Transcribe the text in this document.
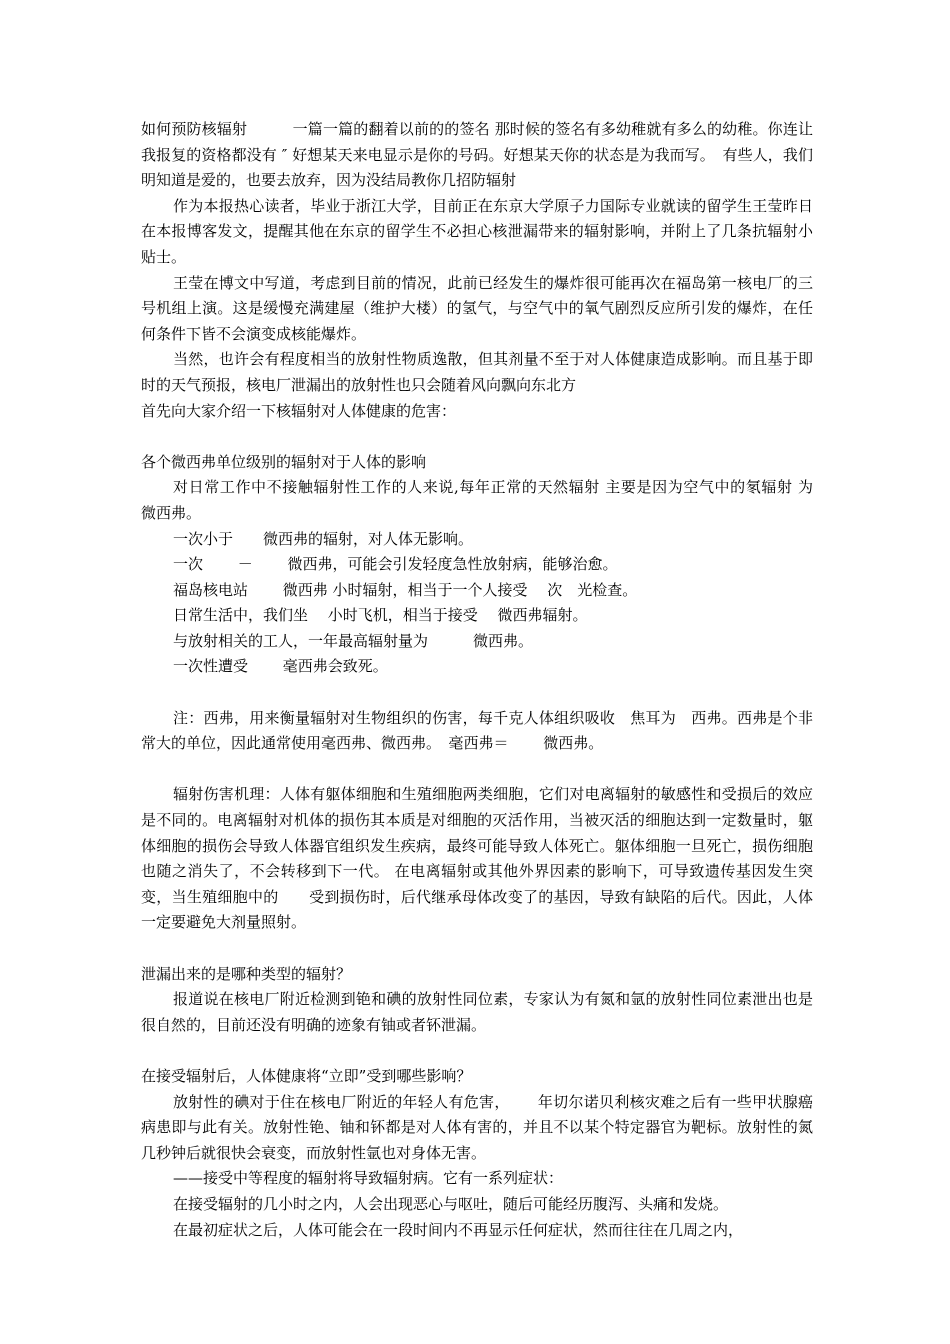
如何预防核辐射　　　一篇一篇的翻着以前的的签名 那时候的签名有多幼稚就有多么的幼稚。你连让我报复的资格都没有 ″ 好想某天来电显示是你的号码。好想某天你的状态是为我而写。　有些人，我们明知道是爱的，也要去放弃，因为没结局教你几招防辐射

作为本报热心读者，毕业于浙江大学，目前正在东京大学原子力国际专业就读的留学生王莹昨日在本报博客发文，提醒其他在东京的留学生不必担心核泄漏带来的辐射影响，并附上了几条抗辐射小贴士。

王莹在博文中写道，考虑到目前的情况，此前已经发生的爆炸很可能再次在福岛第一核电厂的三号机组上演。这是缓慢充满建屋（维护大楼）的氢气，与空气中的氧气剧烈反应所引发的爆炸，在任何条件下皆不会演变成核能爆炸。

当然，也许会有程度相当的放射性物质逸散，但其剂量不至于对人体健康造成影响。而且基于即时的天气预报，核电厂泄漏出的放射性也只会随着风向飘向东北方

首先向大家介绍一下核辐射对人体健康的危害：

各个微西弗单位级别的辐射对于人体的影响

对日常工作中不接触辐射性工作的人来说,每年正常的天然辐射 主要是因为空气中的氡辐射 为　　　　　微西弗。

一次小于　　微西弗的辐射，对人体无影响。

一次　　 －　　 微西弗，可能会引发轻度急性放射病，能够治愈。

福岛核电站　　 微西弗 小时辐射，相当于一个人接受　 次　光检查。

日常生活中，我们坐　 小时飞机，相当于接受　 微西弗辐射。

与放射相关的工人，一年最高辐射量为　　　微西弗。

一次性遭受　　 毫西弗会致死。

注：西弗，用来衡量辐射对生物组织的伤害，每千克人体组织吸收　焦耳为　西弗。西弗是个非常大的单位，因此通常使用毫西弗、微西弗。　毫西弗＝　　 微西弗。

辐射伤害机理：人体有躯体细胞和生殖细胞两类细胞，它们对电离辐射的敏感性和受损后的效应是不同的。电离辐射对机体的损伤其本质是对细胞的灭活作用，当被灭活的细胞达到一定数量时，躯体细胞的损伤会导致人体器官组织发生疾病，最终可能导致人体死亡。躯体细胞一旦死亡，损伤细胞也随之消失了，不会转移到下一代。 在电离辐射或其他外界因素的影响下，可导致遗传基因发生突变，当生殖细胞中的　　受到损伤时，后代继承母体改变了的基因，导致有缺陷的后代。因此，人体一定要避免大剂量照射。

泄漏出来的是哪种类型的辐射？

报道说在核电厂附近检测到铯和碘的放射性同位素，专家认为有氮和氩的放射性同位素泄出也是很自然的，目前还没有明确的迹象有铀或者钚泄漏。

在接受辐射后，人体健康将“立即”受到哪些影响？

放射性的碘对于住在核电厂附近的年轻人有危害，　　 年切尔诺贝利核灾难之后有一些甲状腺癌病患即与此有关。放射性铯、铀和钚都是对人体有害的，并且不以某个特定器官为靶标。放射性的氮几秒钟后就很快会衰变，而放射性氩也对身体无害。

——接受中等程度的辐射将导致辐射病。它有一系列症状：

在接受辐射的几小时之内，人会出现恶心与呕吐，随后可能经历腹泻、头痛和发烧。

在最初症状之后，人体可能会在一段时间内不再显示任何症状，然而往往在几周之内，
